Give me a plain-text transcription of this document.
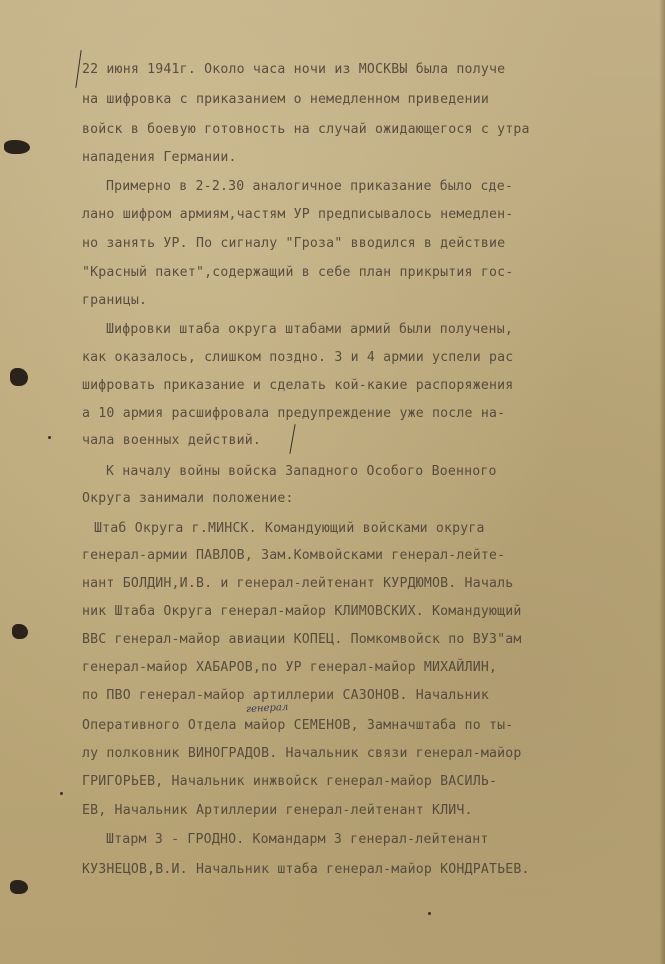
22 июня 1941г. Около часа ночи из МОСКВЫ была получе
на шифровка с приказанием о немедленном приведении
войск в боевую готовность на случай ожидающегося с утра
нападения Германии.
Примерно в 2-2.30 аналогичное приказание было сде-
лано шифром армиям,частям УР предписывалось немедлен-
но занять УР. По сигналу "Гроза" вводился в действие
"Красный пакет",содержащий в себе план прикрытия гос-
границы.
Шифровки штаба округа штабами армий были получены,
как оказалось, слишком поздно. 3 и 4 армии успели рас
шифровать приказание и сделать кой-какие распоряжения
а 10 армия расшифровала предупреждение уже после на-
чала военных действий.
К началу войны войска Западного Особого Военного
Округа занимали положение:
Штаб Округа г.МИНСК. Командующий войсками округа
генерал-армии ПАВЛОВ, Зам.Комвойсками генерал-лейте-
нант БОЛДИН,И.В. и генерал-лейтенант КУРДЮМОВ. Началь
ник Штаба Округа генерал-майор КЛИМОВСКИХ. Командующий
ВВС генерал-майор авиации КОПЕЦ. Помкомвойск по ВУЗ"ам
генерал-майор ХАБАРОВ,по УР генерал-майор МИХАЙЛИН,
по ПВО генерал-майор артиллерии САЗОНОВ. Начальник
генерал
Оперативного Отдела майор СЕМЕНОВ, Замначштаба по ты-
лу полковник ВИНОГРАДОВ. Начальник связи генерал-майор
ГРИГОРЬЕВ, Начальник инжвойск генерал-майор ВАСИЛЬ-
ЕВ, Начальник Артиллерии генерал-лейтенант КЛИЧ.
Штарм 3 - ГРОДНО. Командарм 3 генерал-лейтенант
КУЗНЕЦОВ,В.И. Начальник штаба генерал-майор КОНДРАТЬЕВ.
